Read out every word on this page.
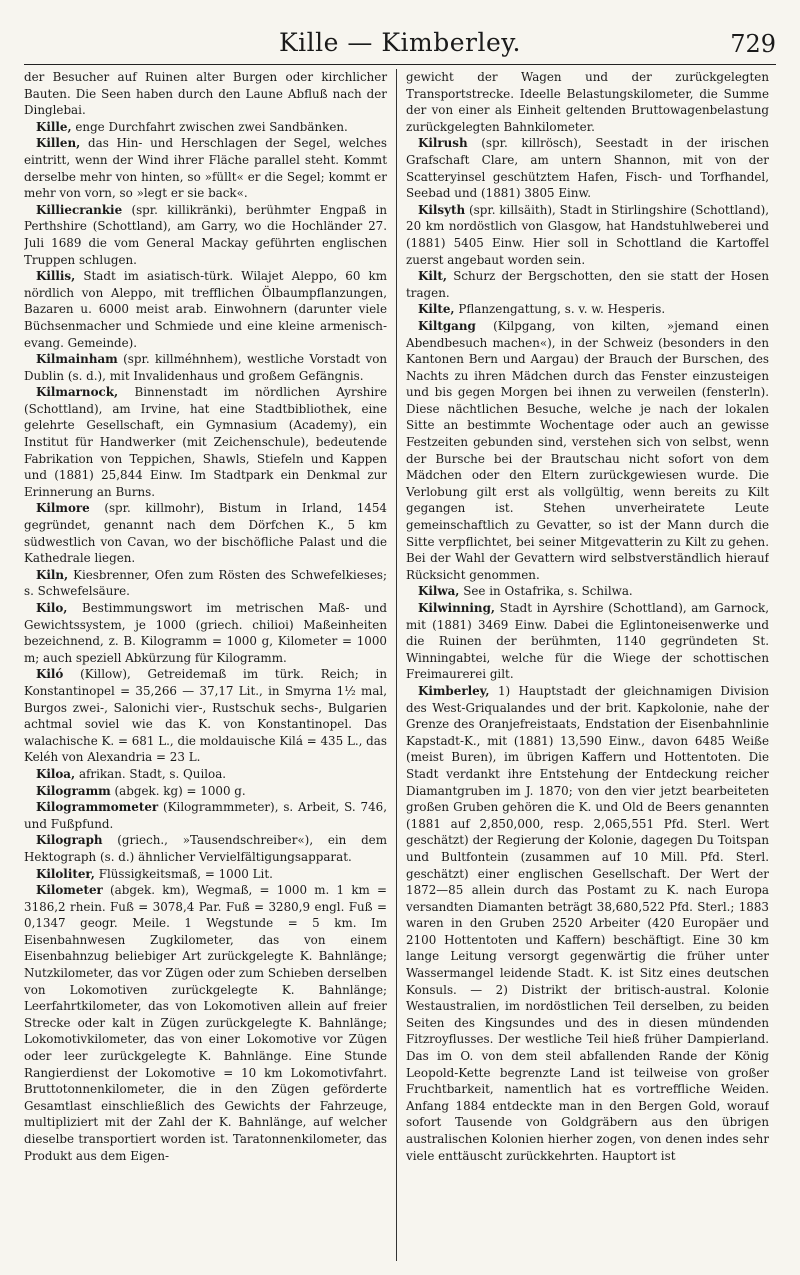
Kille — Kimberley.	729

der Besucher auf Ruinen alter Burgen oder kirchlicher Bauten. Die Seen haben durch den Laune Abfluß nach der Dinglebai.

Kille, enge Durchfahrt zwischen zwei Sandbänken.

Killen, das Hin- und Herschlagen der Segel, welches eintritt, wenn der Wind ihrer Fläche parallel steht. Kommt derselbe mehr von hinten, so »füllt« er die Segel; kommt er mehr von vorn, so »legt er sie back«.

Killiecrankie (spr. killikränki), berühmter Engpaß in Perthshire (Schottland), am Garry, wo die Hochländer 27. Juli 1689 die vom General Mackay geführten englischen Truppen schlugen.

Killis, Stadt im asiatisch-türk. Wilajet Aleppo, 60 km nördlich von Aleppo, mit trefflichen Ölbaumpflanzungen, Bazaren u. 6000 meist arab. Einwohnern (darunter viele Büchsenmacher und Schmiede und eine kleine armenisch-evang. Gemeinde).

Kilmainham (spr. killméhnhem), westliche Vorstadt von Dublin (s. d.), mit Invalidenhaus und großem Gefängnis.

Kilmarnock, Binnenstadt im nördlichen Ayrshire (Schottland), am Irvine, hat eine Stadtbibliothek, eine gelehrte Gesellschaft, ein Gymnasium (Academy), ein Institut für Handwerker (mit Zeichenschule), bedeutende Fabrikation von Teppichen, Shawls, Stiefeln und Kappen und (1881) 25,844 Einw. Im Stadtpark ein Denkmal zur Erinnerung an Burns.

Kilmore (spr. killmohr), Bistum in Irland, 1454 gegründet, genannt nach dem Dörfchen K., 5 km südwestlich von Cavan, wo der bischöfliche Palast und die Kathedrale liegen.

Kiln, Kiesbrenner, Ofen zum Rösten des Schwefelkieses; s. Schwefelsäure.

Kilo, Bestimmungswort im metrischen Maß- und Gewichtssystem, je 1000 (griech. chilioi) Maßeinheiten bezeichnend, z. B. Kilogramm = 1000 g, Kilometer = 1000 m; auch speziell Abkürzung für Kilogramm.

Kiló (Killow), Getreidemaß im türk. Reich; in Konstantinopel = 35,266 — 37,17 Lit., in Smyrna 1½ mal, Burgos zwei-, Salonichi vier-, Rustschuk sechs-, Bulgarien achtmal soviel wie das K. von Konstantinopel. Das walachische K. = 681 L., die moldauische Kilá = 435 L., das Keléh von Alexandria = 23 L.

Kiloa, afrikan. Stadt, s. Quiloa.

Kilogramm (abgek. kg) = 1000 g.

Kilogrammometer (Kilogrammmeter), s. Arbeit, S. 746, und Fußpfund.

Kilograph (griech., »Tausendschreiber«), ein dem Hektograph (s. d.) ähnlicher Vervielfältigungsapparat.

Kiloliter, Flüssigkeitsmaß, = 1000 Lit.

Kilometer (abgek. km), Wegmaß, = 1000 m. 1 km = 3186,2 rhein. Fuß = 3078,4 Par. Fuß = 3280,9 engl. Fuß = 0,1347 geogr. Meile. 1 Wegstunde = 5 km. Im Eisenbahnwesen Zugkilometer, das von einem Eisenbahnzug beliebiger Art zurückgelegte K. Bahnlänge; Nutzkilometer, das vor Zügen oder zum Schieben derselben von Lokomotiven zurückgelegte K. Bahnlänge; Leerfahrtkilometer, das von Lokomotiven allein auf freier Strecke oder kalt in Zügen zurückgelegte K. Bahnlänge; Lokomotivkilometer, das von einer Lokomotive vor Zügen oder leer zurückgelegte K. Bahnlänge. Eine Stunde Rangierdienst der Lokomotive = 10 km Lokomotivfahrt. Bruttotonnenkilometer, die in den Zügen geförderte Gesamtlast einschließlich des Gewichts der Fahrzeuge, multipliziert mit der Zahl der K. Bahnlänge, auf welcher dieselbe transportiert worden ist. Taratonnenkilometer, das Produkt aus dem Eigen-

gewicht der Wagen und der zurückgelegten Transportstrecke. Ideelle Belastungskilometer, die Summe der von einer als Einheit geltenden Bruttowagenbelastung zurückgelegten Bahnkilometer.

Kilrush (spr. killrösch), Seestadt in der irischen Grafschaft Clare, am untern Shannon, mit von der Scatteryinsel geschütztem Hafen, Fisch- und Torfhandel, Seebad und (1881) 3805 Einw.

Kilsyth (spr. killsäith), Stadt in Stirlingshire (Schottland), 20 km nordöstlich von Glasgow, hat Handstuhlweberei und (1881) 5405 Einw. Hier soll in Schottland die Kartoffel zuerst angebaut worden sein.

Kilt, Schurz der Bergschotten, den sie statt der Hosen tragen.

Kilte, Pflanzengattung, s. v. w. Hesperis.

Kiltgang (Kilpgang, von kilten, »jemand einen Abendbesuch machen«), in der Schweiz (besonders in den Kantonen Bern und Aargau) der Brauch der Burschen, des Nachts zu ihren Mädchen durch das Fenster einzusteigen und bis gegen Morgen bei ihnen zu verweilen (fensterln). Diese nächtlichen Besuche, welche je nach der lokalen Sitte an bestimmte Wochentage oder auch an gewisse Festzeiten gebunden sind, verstehen sich von selbst, wenn der Bursche bei der Brautschau nicht sofort von dem Mädchen oder den Eltern zurückgewiesen wurde. Die Verlobung gilt erst als vollgültig, wenn bereits zu Kilt gegangen ist. Stehen unverheiratete Leute gemeinschaftlich zu Gevatter, so ist der Mann durch die Sitte verpflichtet, bei seiner Mitgevatterin zu Kilt zu gehen. Bei der Wahl der Gevattern wird selbstverständlich hierauf Rücksicht genommen.

Kilwa, See in Ostafrika, s. Schilwa.

Kilwinning, Stadt in Ayrshire (Schottland), am Garnock, mit (1881) 3469 Einw. Dabei die Eglintoneisenwerke und die Ruinen der berühmten, 1140 gegründeten St. Winningabtei, welche für die Wiege der schottischen Freimaurerei gilt.

Kimberley, 1) Hauptstadt der gleichnamigen Division des West-Griqualandes und der brit. Kapkolonie, nahe der Grenze des Oranjefreistaats, Endstation der Eisenbahnlinie Kapstadt-K., mit (1881) 13,590 Einw., davon 6485 Weiße (meist Buren), im übrigen Kaffern und Hottentoten. Die Stadt verdankt ihre Entstehung der Entdeckung reicher Diamantgruben im J. 1870; von den vier jetzt bearbeiteten großen Gruben gehören die K. und Old de Beers genannten (1881 auf 2,850,000, resp. 2,065,551 Pfd. Sterl. Wert geschätzt) der Regierung der Kolonie, dagegen Du Toitspan und Bultfontein (zusammen auf 10 Mill. Pfd. Sterl. geschätzt) einer englischen Gesellschaft. Der Wert der 1872—85 allein durch das Postamt zu K. nach Europa versandten Diamanten beträgt 38,680,522 Pfd. Sterl.; 1883 waren in den Gruben 2520 Arbeiter (420 Europäer und 2100 Hottentoten und Kaffern) beschäftigt. Eine 30 km lange Leitung versorgt gegenwärtig die früher unter Wassermangel leidende Stadt. K. ist Sitz eines deutschen Konsuls. — 2) Distrikt der britisch-austral. Kolonie Westaustralien, im nordöstlichen Teil derselben, zu beiden Seiten des Kingsundes und des in diesen mündenden Fitzroyflusses. Der westliche Teil hieß früher Dampierland. Das im O. von dem steil abfallenden Rande der König Leopold-Kette begrenzte Land ist teilweise von großer Fruchtbarkeit, namentlich hat es vortreffliche Weiden. Anfang 1884 entdeckte man in den Bergen Gold, worauf sofort Tausende von Goldgräbern aus den übrigen australischen Kolonien hierher zogen, von denen indes sehr viele enttäuscht zurückkehrten. Hauptort ist
